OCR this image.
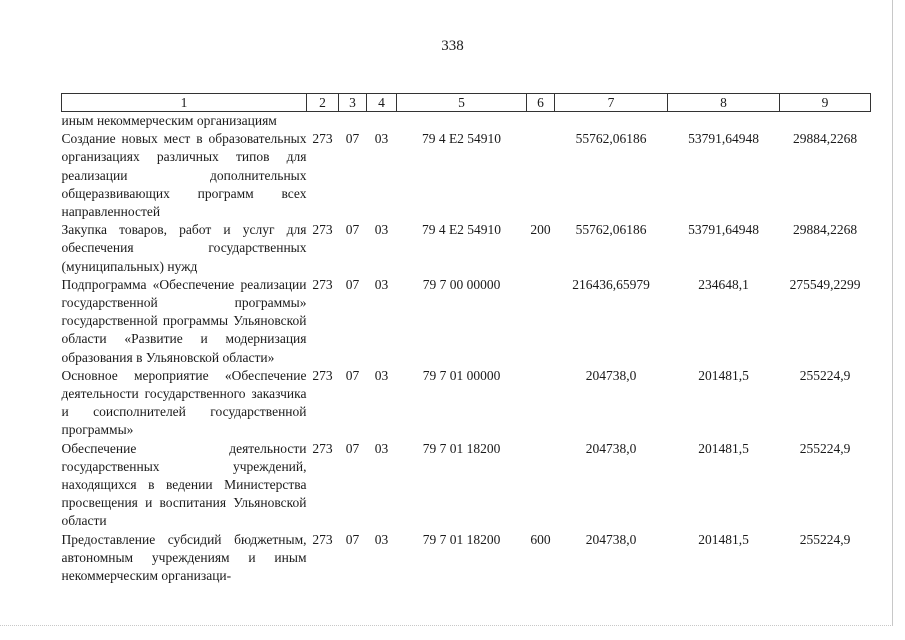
338
1	2	3	4	5	6	7	8	9
иным некоммерческим организациям								
Создание новых мест в образовательных организациях различных типов для реализации дополнительных общеразвивающих программ всех направленностей	273	07	03	79 4 E2 54910		55762,06186	53791,64948	29884,2268
Закупка товаров, работ и услуг для обеспечения государственных (муниципальных) нужд	273	07	03	79 4 E2 54910	200	55762,06186	53791,64948	29884,2268
Подпрограмма «Обеспечение реализации государственной программы» государственной программы Ульяновской области «Развитие и модернизация образования в Ульяновской области»	273	07	03	79 7 00 00000		216436,65979	234648,1	275549,2299
Основное мероприятие «Обеспечение деятельности государственного заказчика и соисполнителей государственной программы»	273	07	03	79 7 01 00000		204738,0	201481,5	255224,9
Обеспечение деятельности государственных учреждений, находящихся в ведении Министерства просвещения и воспитания Ульяновской области	273	07	03	79 7 01 18200		204738,0	201481,5	255224,9
Предоставление субсидий бюджетным, автономным учреждениям и иным некоммерческим организаци-	273	07	03	79 7 01 18200	600	204738,0	201481,5	255224,9
